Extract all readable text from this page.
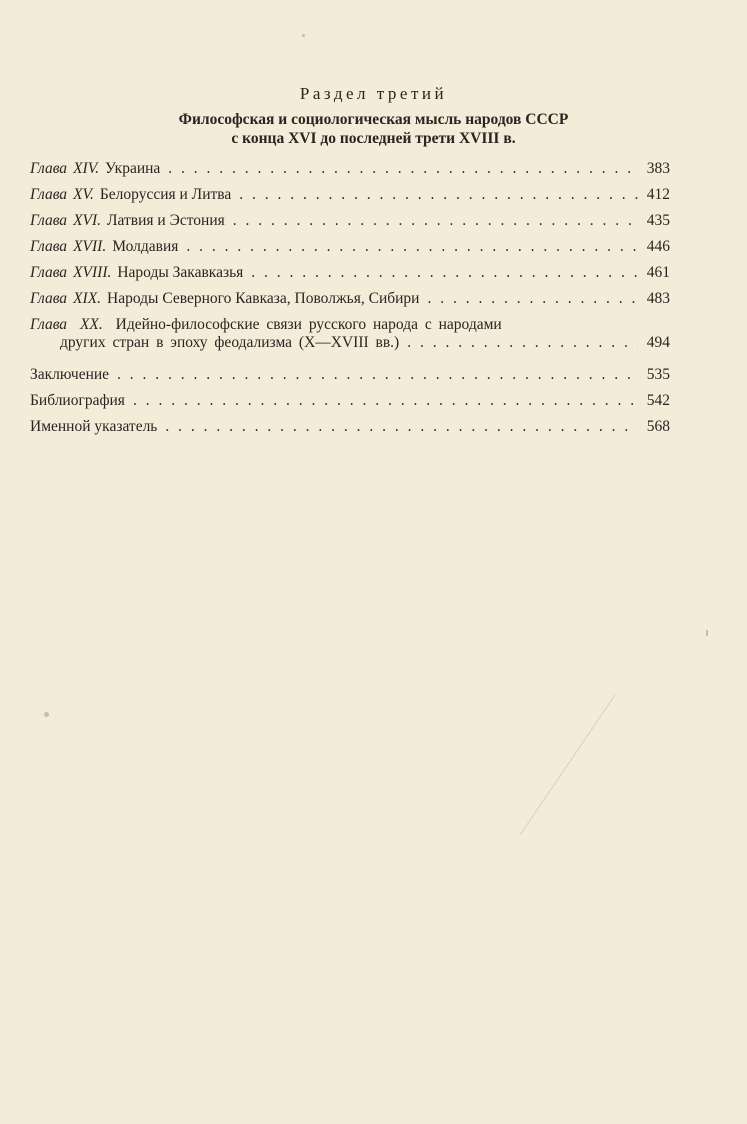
Раздел третий
Философская и социологическая мысль народов СССР
с конца XVI до последней трети XVIII в.
Глава XIV. Украина . . .	383
Глава XV. Белоруссия и Литва . . .	412
Глава XVI. Латвия и Эстония . . .	435
Глава XVII. Молдавия . . .	446
Глава XVIII. Народы Закавказья . . .	461
Глава XIX. Народы Северного Кавказа, Поволжья, Сибири . . .	483
Глава XX. Идейно-философские связи русского народа с народами
других стран в эпоху феодализма (X—XVIII вв.) . . .	494
Заключение . . .	535
Библиография . . .	542
Именной указатель . . .	568
